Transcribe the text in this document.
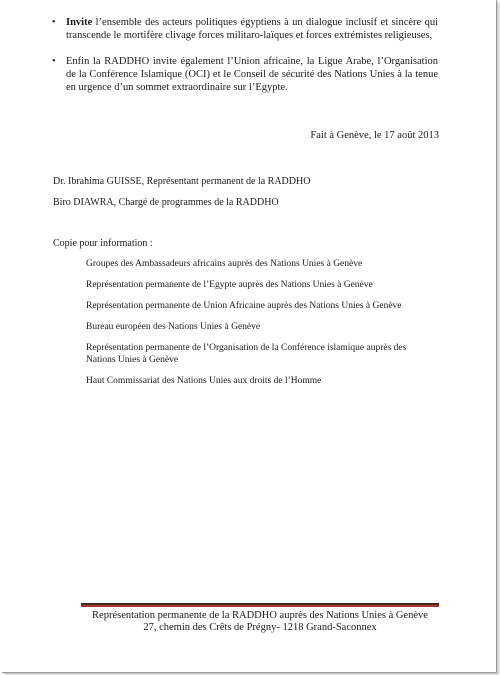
• Invite l’ensemble des acteurs politiques égyptiens à un dialogue inclusif et sincère qui transcende le mortifère clivage forces militaro-laïques et forces extrémistes religieuses,
• Enfin la RADDHO invite également l’Union africaine, la Ligue Arabe, l’Organisation de la Conférence Islamique (OCI) et le Conseil de sécurité des Nations Unies à la tenue en urgence d’un sommet extraordinaire sur l’Egypte.
Fait à Genève, le 17 août 2013
Dr. Ibrahima GUISSE, Représentant permanent de la RADDHO
Biro DIAWRA, Chargé de programmes de la RADDHO
Copie pour information :
Groupes des Ambassadeurs africains auprès des Nations Unies à Genève
Représentation permanente de l’Egypte auprès des Nations Unies à Genève
Représentation permanente de Union Africaine auprès des Nations Unies à Genève
Bureau européen des Nations Unies à Genève
Représentation permanente de l’Organisation de la Conférence islamique auprès des Nations Unies à Genève
Haut Commissariat des Nations Unies aux droits de l’Homme
Représentation permanente de la RADDHO auprès des Nations Unies à Genève
27, chemin des Crêts de Prégny- 1218 Grand-Saconnex
